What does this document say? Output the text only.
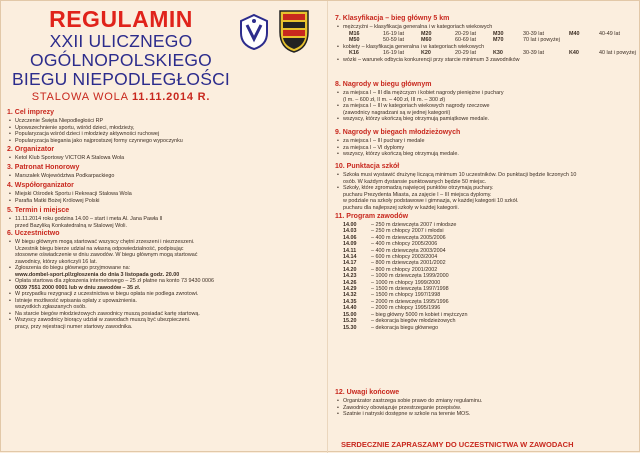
REGULAMIN
XXII ULICZNEGO
OGÓLNOPOLSKIEGO
BIEGU NIEPODLEGŁOŚCI
STALOWA WOLA 11.11.2014 R.
1. Cel imprezy
• Uczczenie Święta Niepodległości RP
• Upowszechnienie sportu, wśród dzieci, młodzieży,
• Popularyzacja wśród dzieci i młodzieży aktywności ruchowej
• Popularyzacja biegania jako najprostszej formy czynnego wypoczynku
2. Organizator
• Ketol Klub Sportowy VICTOR A Stalowa Wola
3. Patronat Honorowy
• Marszałek Województwa Podkarpackiego
4. Współorganizator
• Miejski Ośrodek Sportu i Rekreacji Stalowa Wola
• Parafia Matki Bożej Królowej Polski
5. Termin i miejsce
• 11.11.2014 roku godzina 14.00 – start i meta Al. Jana Pawła II
przed Bazyliką Konkatedralną w Stalowej Woli.
6. Uczestnictwo
• W biegu głównym mogą startować wszyscy chętni zrzeszeni i niezrzeszeni.
Uczestnik biegu bierze udział na własną odpowiedzialność, podpisując
stosowne oświadczenie w dniu zawodów. W biegu głównym mogą startować
zawodnicy, którzy ukończyli 16 lat.
• Zgłoszenia do biegu głównego przyjmowane na:
www.dombel-sport.pl/zgłoszenia do dnia 3 listopada godz. 20.00
• Opłata startowa dla zgłoszenia internetowego – 25 zł płatne na konto 73 9430 0006
0039 7551 2000 0001 lub w dniu zawodów – 35 zł.
• W przypadku rezygnacji z uczestnictwa w biegu opłata nie podlega zwrotowi.
• Istnieje możliwość wpisania opłaty z upoważnienia.
wszystkich zgłaszanych osób.
• Na starcie biegów młodzieżowych zawodnicy muszą posiadać kartę startową.
• Wszyscy zawodnicy biorący udział w zawodach muszą być ubezpieczeni.
pracy, przy rejestracji numer startowy zawodnika.
7. Klasyfikacja – bieg główny 5 km
• mężczyźni – klasyfikacja generalna i w kategoriach wiekowych
M16	16-19 lat	M20	20-29 lat	M30	30-39 lat	M40	40-49 lat
M50	50-59 lat	M60	60-69 lat	M70	70 lat i powyżej
• kobiety – klasyfikacja generalna i w kategoriach wiekowych
K16	16-19 lat	K20	20-29 lat	K30	30-39 lat	K40	40 lat i powyżej
• wózki – warunek odbycia konkurencji przy starcie minimum 3 zawodników
8. Nagrody w biegu głównym
• za miejsca I – III dla mężczyzn i kobiet nagrody pieniężne i puchary
(I m. – 600 zł, II m. – 400 zł, III m. – 300 zł)
• za miejsca I – III w kategoriach wiekowych nagrody rzeczowe
(zawodnicy nagradzani są w jednej kategorii)
• wszyscy, którzy ukończą bieg otrzymują pamiątkowe medale.
9. Nagrody w biegach młodzieżowych
• za miejsca I – III puchary i medale
• za miejsca I – VI dyplomy
• wszyscy, którzy ukończą bieg otrzymują medale.
10. Punktacja szkół
• Szkoła musi wystawić drużynę liczącą minimum 10 uczestników. Do punktacji będzie liczonych 10
osób. W każdym dystansie punktowanych będzie 50 miejsc.
• Szkoły, które zgromadzą najwięcej punktów otrzymają puchary.
pucharu Prezydenta Miasta, za zajęcie I – III miejsca dyplomy.
w podziale na szkoły podstawowe i gimnazja, w każdej kategorii 10 szkół.
pucharu dla najlepszej szkoły w każdej kategorii.
11. Program zawodów
14.00	– 250 m dziewczęta 2007 i młodsze
14.03	– 250 m chłopcy 2007 i młodsi
14.06	– 400 m dziewczęta 2005/2006
14.09	– 400 m chłopcy 2005/2006
14.11	– 400 m dziewczęta 2003/2004
14.14	– 600 m chłopcy 2003/2004
14.17	– 800 m dziewczęta 2001/2002
14.20	– 800 m chłopcy 2001/2002
14.23	– 1000 m dziewczęta 1999/2000
14.26	– 1000 m chłopcy 1999/2000
14.29	– 1500 m dziewczęta 1997/1998
14.32	– 1500 m chłopcy 1997/1998
14.35	– 2000 m dziewczęta 1995/1996
14.40	– 2000 m chłopcy 1995/1996
15.00	– bieg główny 5000 m kobiet i mężczyzn
15.20	– dekoracja biegów młodzieżowych
15.30	– dekoracja biegu głównego
12. Uwagi końcowe
• Organizator zastrzega sobie prawo do zmiany regulaminu.
• Zawodnicy obowiązuje przestrzeganie przepisów.
• Szatnie i natryski dostępne w szkole na terenie MOS.
SERDECZNIE ZAPRASZAMY DO UCZESTNICTWA W ZAWODACH
